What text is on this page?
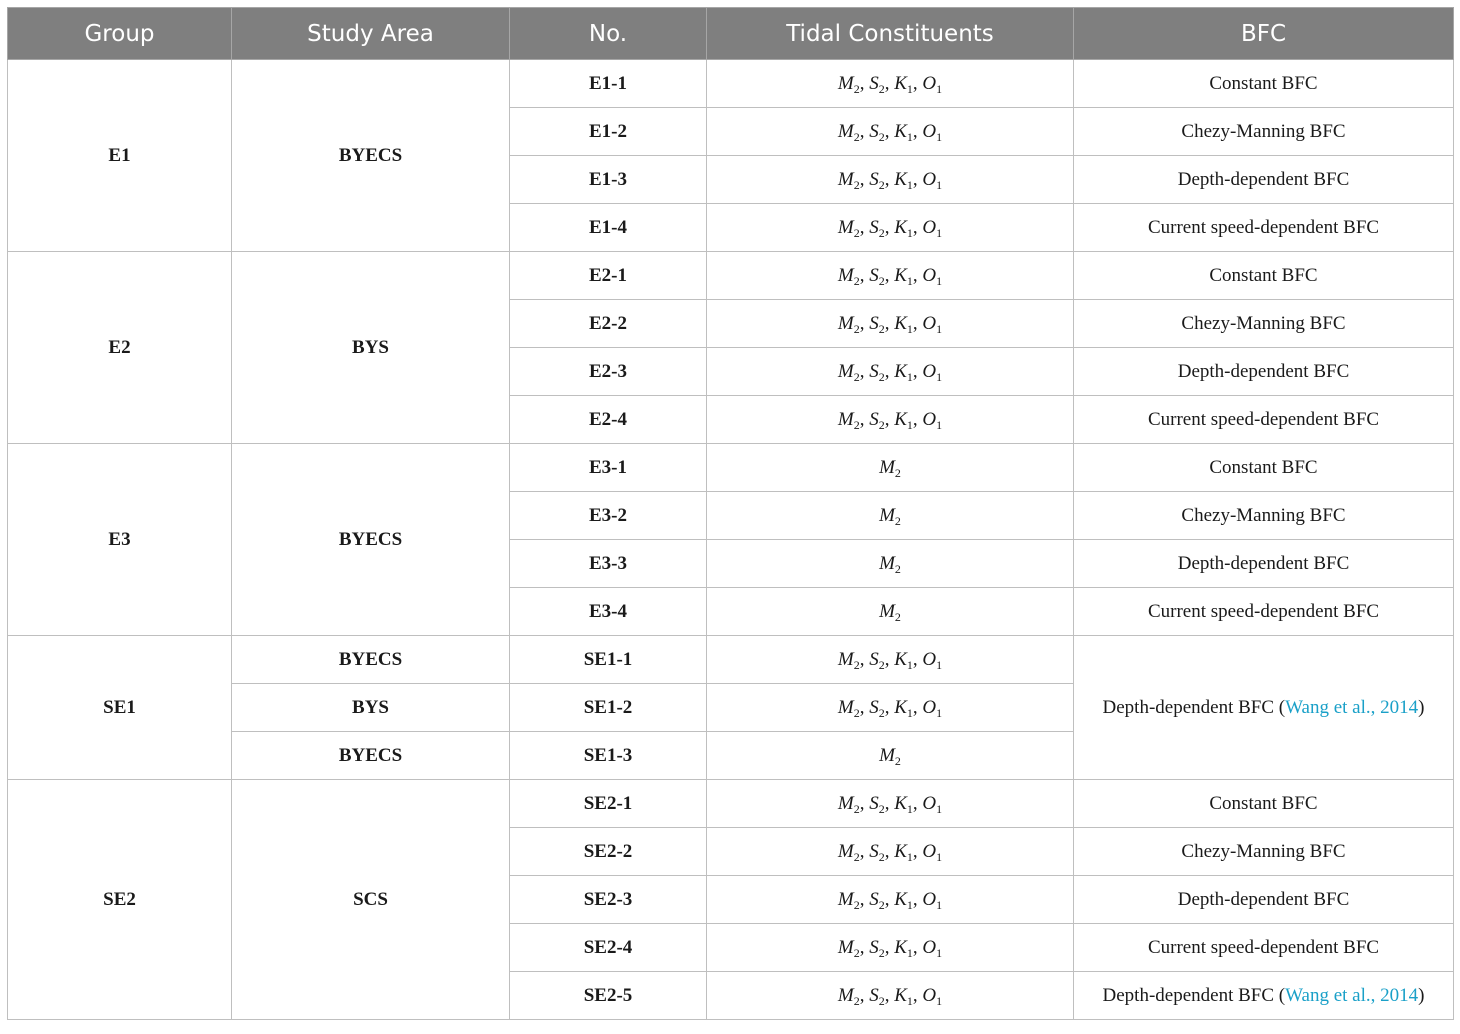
Group	Study Area	No.	Tidal Constituents	BFC
E1	BYECS	E1-1	$M_2$, $S_2$, $K_1$, $O_1$	Constant BFC
		E1-2	$M_2$, $S_2$, $K_1$, $O_1$	Chezy-Manning BFC
		E1-3	$M_2$, $S_2$, $K_1$, $O_1$	Depth-dependent BFC
		E1-4	$M_2$, $S_2$, $K_1$, $O_1$	Current speed-dependent BFC
E2	BYS	E2-1	$M_2$, $S_2$, $K_1$, $O_1$	Constant BFC
		E2-2	$M_2$, $S_2$, $K_1$, $O_1$	Chezy-Manning BFC
		E2-3	$M_2$, $S_2$, $K_1$, $O_1$	Depth-dependent BFC
		E2-4	$M_2$, $S_2$, $K_1$, $O_1$	Current speed-dependent BFC
E3	BYECS	E3-1	$M_2$	Constant BFC
		E3-2	$M_2$	Chezy-Manning BFC
		E3-3	$M_2$	Depth-dependent BFC
		E3-4	$M_2$	Current speed-dependent BFC
SE1	BYECS	SE1-1	$M_2$, $S_2$, $K_1$, $O_1$	Depth-dependent BFC (Wang et al., 2014)
	BYS	SE1-2	$M_2$, $S_2$, $K_1$, $O_1$
	BYECS	SE1-3	$M_2$
SE2	SCS	SE2-1	$M_2$, $S_2$, $K_1$, $O_1$	Constant BFC
		SE2-2	$M_2$, $S_2$, $K_1$, $O_1$	Chezy-Manning BFC
		SE2-3	$M_2$, $S_2$, $K_1$, $O_1$	Depth-dependent BFC
		SE2-4	$M_2$, $S_2$, $K_1$, $O_1$	Current speed-dependent BFC
		SE2-5	$M_2$, $S_2$, $K_1$, $O_1$	Depth-dependent BFC (Wang et al., 2014)
